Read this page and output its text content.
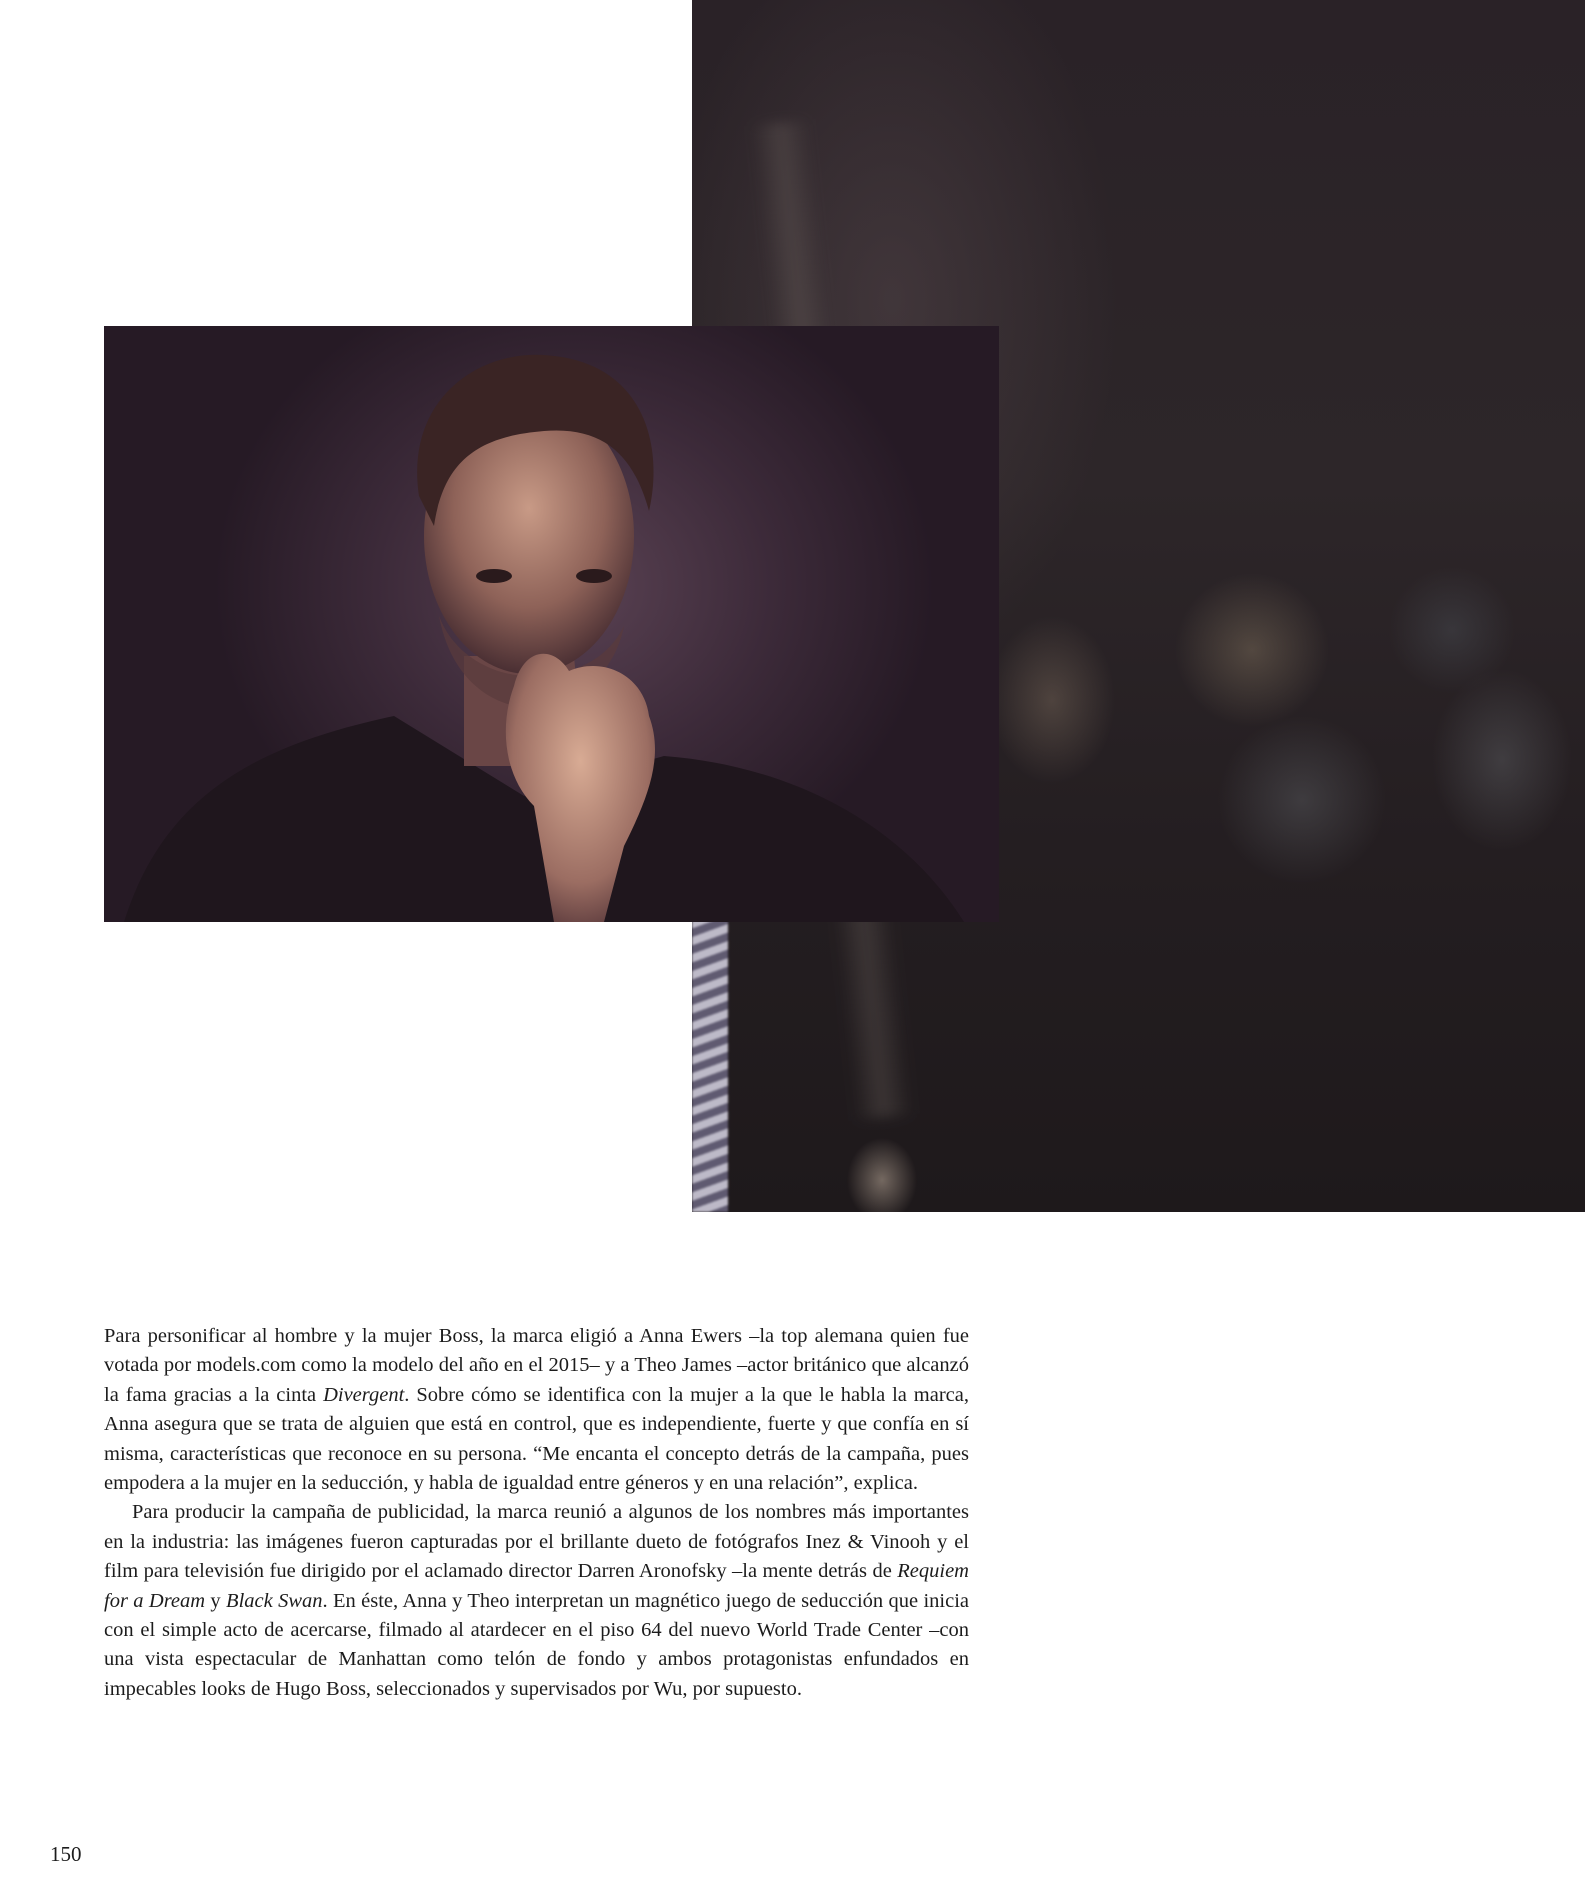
Para personificar al hombre y la mujer Boss, la marca eligió a Anna Ewers –la top alemana quien fue votada por models.com como la modelo del año en el 2015– y a Theo James –actor británico que alcanzó la fama gracias a la cinta Divergent. Sobre cómo se identifica con la mujer a la que le habla la marca, Anna asegura que se trata de alguien que está en control, que es independiente, fuerte y que confía en sí misma, características que reconoce en su persona. “Me encanta el concepto detrás de la campaña, pues empodera a la mujer en la seducción, y habla de igualdad entre géneros y en una relación”, explica.

Para producir la campaña de publicidad, la marca reunió a algunos de los nombres más importantes en la industria: las imágenes fueron capturadas por el brillante dueto de fotógrafos Inez & Vinooh y el film para televisión fue dirigido por el aclamado director Darren Aronofsky –la mente detrás de Requiem for a Dream y Black Swan. En éste, Anna y Theo interpretan un magnético juego de seducción que inicia con el simple acto de acercarse, filmado al atardecer en el piso 64 del nuevo World Trade Center –con una vista espectacular de Manhattan como telón de fondo y ambos protagonistas enfundados en impecables looks de Hugo Boss, seleccionados y supervisados por Wu, por supuesto.

150
